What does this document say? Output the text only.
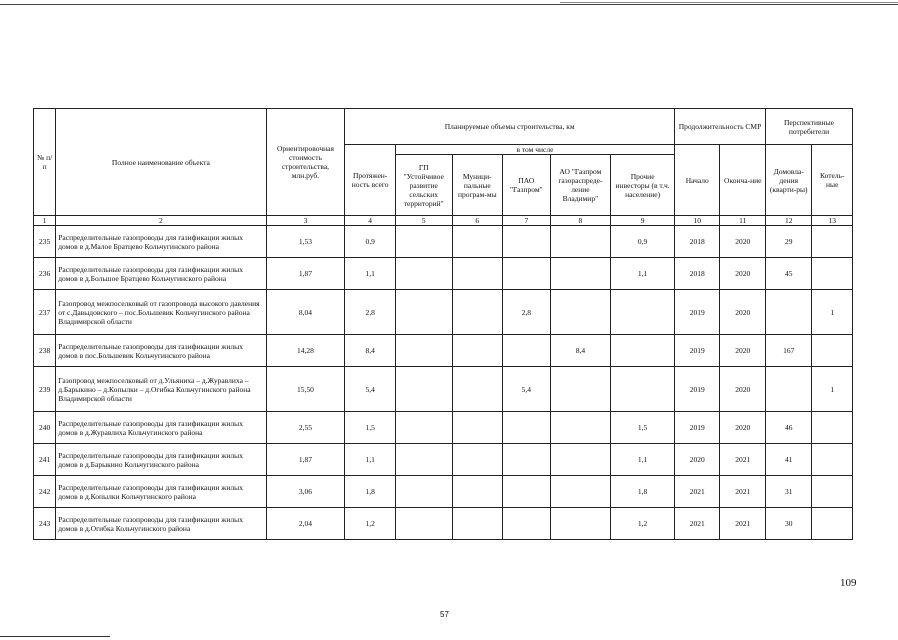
№ п/п	Полное наименование объекта	Ориентировочная стоимость строительства, млн.руб.	Планируемые объемы строительства, км						Продолжительность СМР		Перспективные потребители	
			Протяжен-ность всего	в том числе					Начало	Оконча-ние	Домовла-дения (кварти-ры)	Котель-ные
				ГП "Устойчивое развитие сельских территорий"	Муници-пальные програм-мы	ПАО "Газпром"	АО "Газпром газораспреде-ление Владимир"	Прочие инвесторы (в т.ч. население)				
1	2	3	4	5	6	7	8	9	10	11	12	13
235	Распределительные газопроводы для газификации жилых домов в д.Малое Братцево Кольчугинского района	1,53	0,9					0,9	2018	2020	29	
236	Распределительные газопроводы для газификации жилых домов в д.Большое Братцево Кольчугинского района	1,87	1,1					1,1	2018	2020	45	
237	Газопровод межпоселковый от газопровода высокого давления от с.Давыдовского – пос.Большевик Кольчугинского района Владимирской области	8,04	2,8			2,8			2019	2020		1
238	Распределительные газопроводы для газификации жилых домов в пос.Большевик Кольчугинского района	14,28	8,4				8,4		2019	2020	167	
239	Газопровод межпоселковый от д.Ульяниха – д.Журавлиха – д.Барыкино – д.Копылки – д.Огибка Кольчугинского района Владимирской области	15,50	5,4			5,4			2019	2020		1
240	Распределительные газопроводы для газификации жилых домов в д.Журавлиха Кольчугинского района	2,55	1,5					1,5	2019	2020	46	
241	Распределительные газопроводы для газификации жилых домов в д.Барыкино Кольчугинского района	1,87	1,1					1,1	2020	2021	41	
242	Распределительные газопроводы для газификации жилых домов в д.Копылки Кольчугинского района	3,06	1,8					1,8	2021	2021	31	
243	Распределительные газопроводы для газификации жилых домов в д.Огибка Кольчугинского района	2,04	1,2					1,2	2021	2021	30	
109
57
